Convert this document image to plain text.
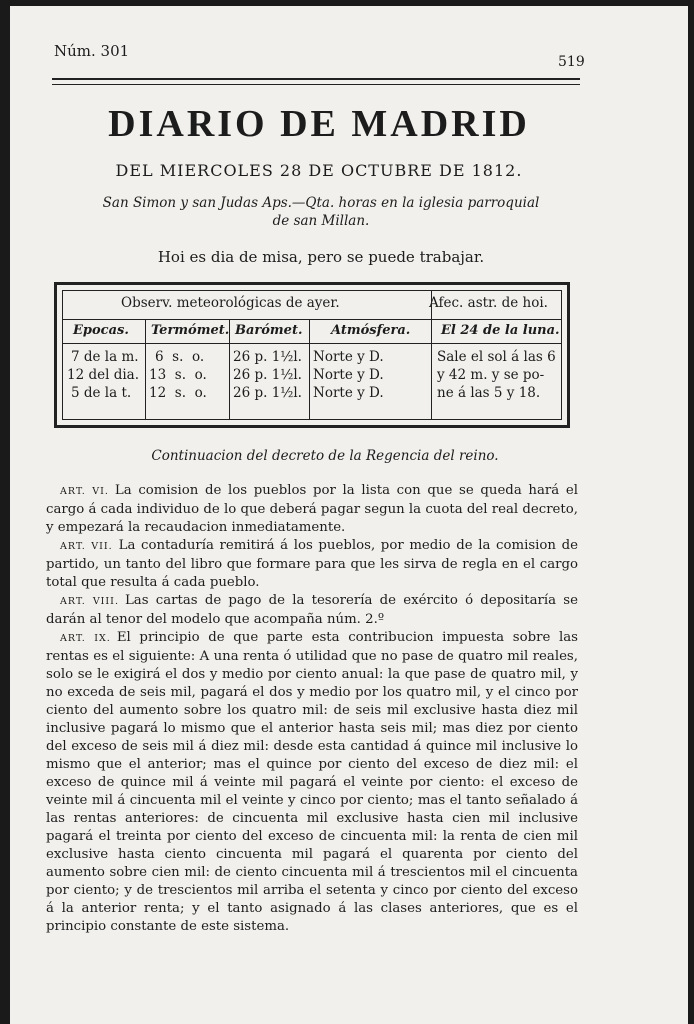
Núm. 301
519
DIARIO DE MADRID
DEL MIERCOLES 28 DE OCTUBRE DE 1812.
San Simon y san Judas Aps.—Qta. horas en la iglesia parroquial
de san Millan.
Hoi es dia de misa, pero se puede trabajar.
Observ. meteorológicas de ayer.	Afec. astr. de hoi.
Epocas. Termómet. Barómet. Atmósfera. El 24 de la luna.
7 de la m. 6  s.  o. 26 p. 1½l. Norte y D.
12 del dia. 13  s.  o. 26 p. 1½l. Norte y D.
5 de la t. 12  s.  o. 26 p. 1½l. Norte y D.
Sale el sol á las 6
y 42 m. y se po-
ne á las 5 y 18.
Continuacion del decreto de la Regencia del reino.

ART. VI. La comision de los pueblos por la lista con que se queda hará el cargo á cada individuo de lo que deberá pagar segun la cuota del real decreto, y empezará la recaudacion inmediatamente.

ART. VII. La contaduría remitirá á los pueblos, por medio de la comision de partido, un tanto del libro que formare para que les sirva de regla en el cargo total que resulta á cada pueblo.

ART. VIII. Las cartas de pago de la tesorería de exército ó depositaría se darán al tenor del modelo que acompaña núm. 2.º

ART. IX. El principio de que parte esta contribucion impuesta sobre las rentas es el siguiente: A una renta ó utilidad que no pase de quatro mil reales, solo se le exigirá el dos y medio por ciento anual: la que pase de quatro mil, y no exceda de seis mil, pagará el dos y medio por los quatro mil, y el cinco por ciento del aumento sobre los quatro mil: de seis mil exclusive hasta diez mil inclusive pagará lo mismo que el anterior hasta seis mil; mas diez por ciento del exceso de seis mil á diez mil: desde esta cantidad á quince mil inclusive lo mismo que el anterior; mas el quince por ciento del exceso de diez mil: el exceso de quince mil á veinte mil pagará el veinte por ciento: el exceso de veinte mil á cincuenta mil el veinte y cinco por ciento; mas el tanto señalado á las rentas anteriores: de cincuenta mil exclusive hasta cien mil inclusive pagará el treinta por ciento del exceso de cincuenta mil: la renta de cien mil exclusive hasta ciento cincuenta mil pagará el quarenta por ciento del aumento sobre cien mil: de ciento cincuenta mil á trescientos mil el cincuenta por ciento; y de trescientos mil arriba el setenta y cinco por ciento del exceso á la anterior renta; y el tanto asignado á las clases anteriores, que es el principio constante de este sistema.
